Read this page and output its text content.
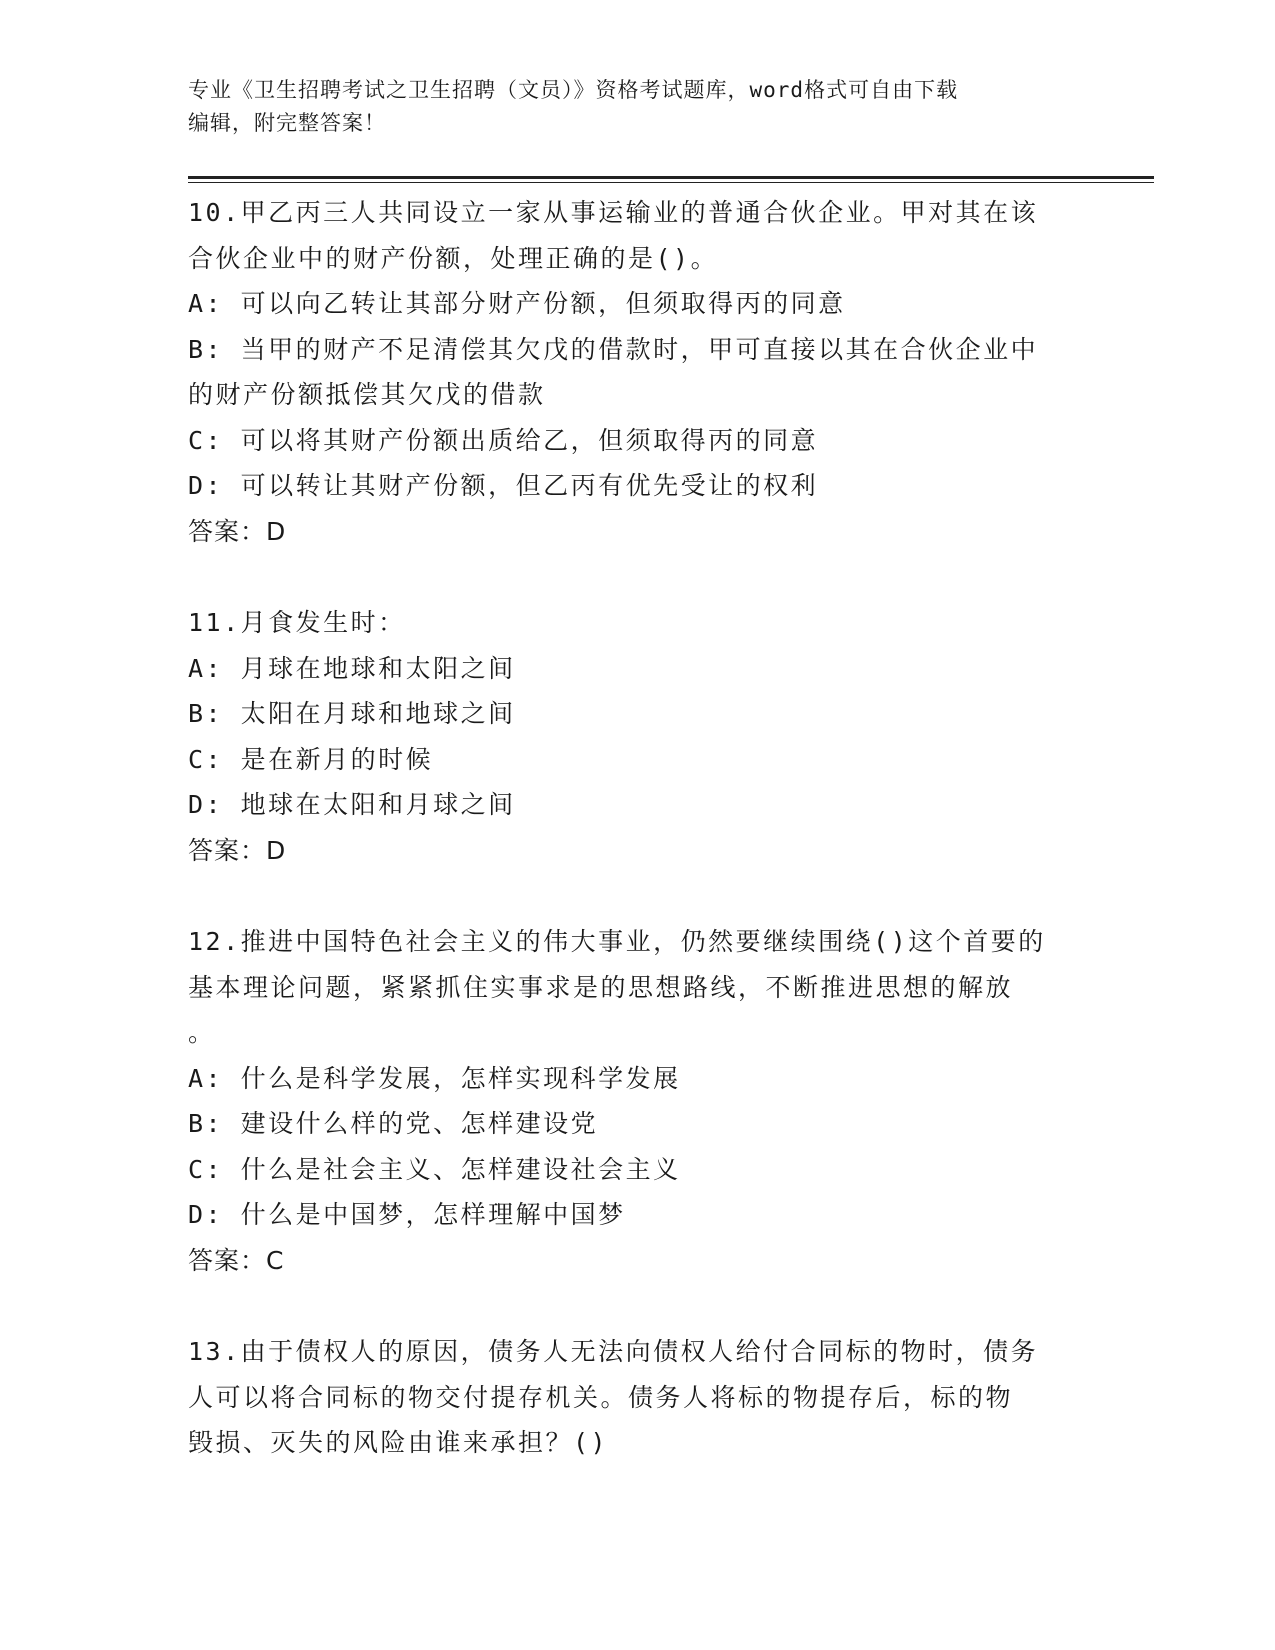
专业《卫生招聘考试之卫生招聘（文员）》资格考试题库，word格式可自由下载
编辑，附完整答案！
10.甲乙丙三人共同设立一家从事运输业的普通合伙企业。甲对其在该
合伙企业中的财产份额，处理正确的是()。
A: 可以向乙转让其部分财产份额，但须取得丙的同意
B: 当甲的财产不足清偿其欠戊的借款时，甲可直接以其在合伙企业中
的财产份额抵偿其欠戊的借款
C: 可以将其财产份额出质给乙，但须取得丙的同意
D: 可以转让其财产份额，但乙丙有优先受让的权利
答案：D
11.月食发生时：
A: 月球在地球和太阳之间
B: 太阳在月球和地球之间
C: 是在新月的时候
D: 地球在太阳和月球之间
答案：D
12.推进中国特色社会主义的伟大事业，仍然要继续围绕()这个首要的
基本理论问题，紧紧抓住实事求是的思想路线，不断推进思想的解放
。
A: 什么是科学发展，怎样实现科学发展
B: 建设什么样的党、怎样建设党
C: 什么是社会主义、怎样建设社会主义
D: 什么是中国梦，怎样理解中国梦
答案：C
13.由于债权人的原因，债务人无法向债权人给付合同标的物时，债务
人可以将合同标的物交付提存机关。债务人将标的物提存后，标的物
毁损、灭失的风险由谁来承担？()
